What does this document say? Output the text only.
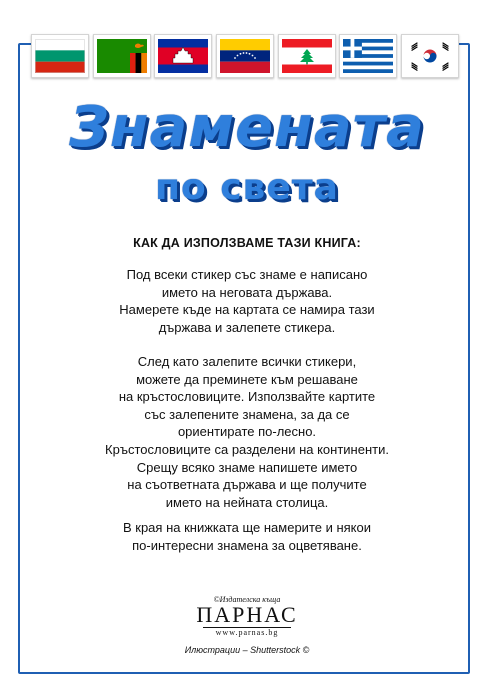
Знамената
по света
КАК ДА ИЗПОЛЗВАМЕ ТАЗИ КНИГА:
Под всеки стикер със знаме е написано
името на неговата държава.
Намерете къде на картата се намира тази
държава и залепете стикера.
След като залепите всички стикери,
можете да преминете към решаване
на кръстословиците. Използвайте картите
със залепените знамена, за да се
ориентирате по-лесно.
Кръстословиците са разделени на континенти.
Срещу всяко знаме напишете името
на съответната държава и ще получите
името на нейната столица.
В края на книжката ще намерите и някои
по-интересни знамена за оцветяване.
©Издателска къща
ПАРНАС
www.parnas.bg
Илюстрации – Shutterstock ©
